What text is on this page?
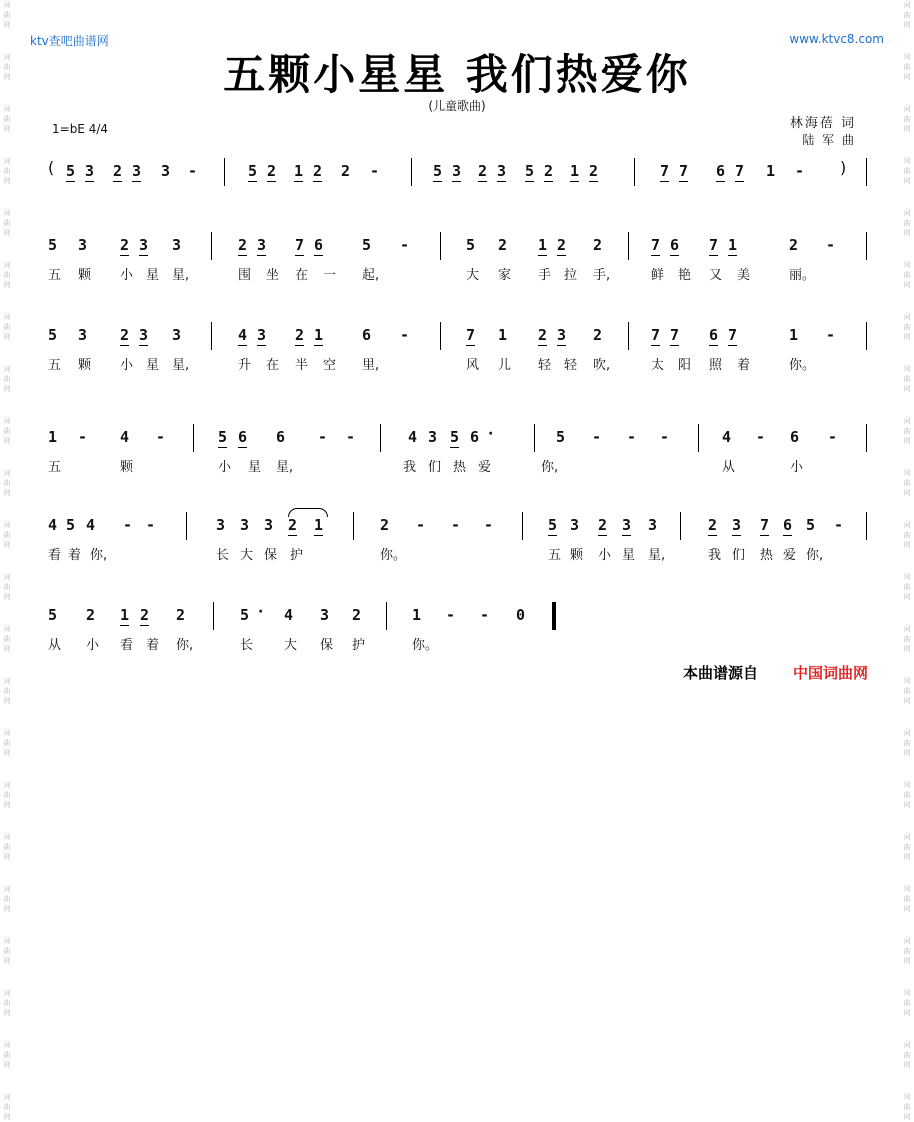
词
曲
网
词
曲
网
词
曲
网
词
曲
网
词
曲
网
词
曲
网
词
曲
网
词
曲
网
词
曲
网
词
曲
网
词
曲
网
词
曲
网
词
曲
网
词
曲
网
词
曲
网
词
曲
网
词
曲
网
词
曲
网
词
曲
网
词
曲
网
词
曲
网
词
曲
网
词
曲
网
词
曲
网
词
曲
网
词
曲
网
词
曲
网
词
曲
网
词
曲
网
词
曲
网
词
曲
网
词
曲
网
词
曲
网
词
曲
网
词
曲
网
词
曲
网
词
曲
网
词
曲
网
词
曲
网
词
曲
网
词
曲
网
词
曲
网
词
曲
网
词
曲
网
ktv查吧曲谱网	www.ktvc8.com
五颗小星星 我们热爱你
(儿童歌曲)
1=bE 4/4	林海蓓 词
陆 军 曲
( 5 3 2 3 3 -	5 2 1 2 2 -	5 3 2 3 5 2 1 2	7 7 6 7 1 - )
5 3 2 3 3	2 3 7 6	5 -	5 2 1 2 2	7 6 7 1	2 -
五 颗 小 星 星,	围 坐 在 一 起,	大 家 手 拉 手,	鲜 艳 又 美	丽。
5 3 2 3 3	4 3 2 1	6 -	7 1 2 3 2	7 7 6 7	1 -
五 颗 小 星 星,	升 在 半 空 里,	风 儿 轻 轻 吹,	太 阳 照 着	你。
1 - 4 -	5 6 6 - -	4 3 5 6 ·	5 - - -	4 - 6 -
五	颗	小 星 星,	我 们 热 爱	你,	从	小
4 5 4 - -	3 3 3 2 1	2 - - -	5 3 2 3 3	2 3 7 6 5 -
看 着 你,	长 大 保 护	你。	五 颗 小 星 星,	我 们 热 爱 你,
5 2 1 2 2	5 · 4 3 2	1 - - 0
从 小 看 着 你,	长 大 保 护	你。
本曲谱源自 中国词曲网
